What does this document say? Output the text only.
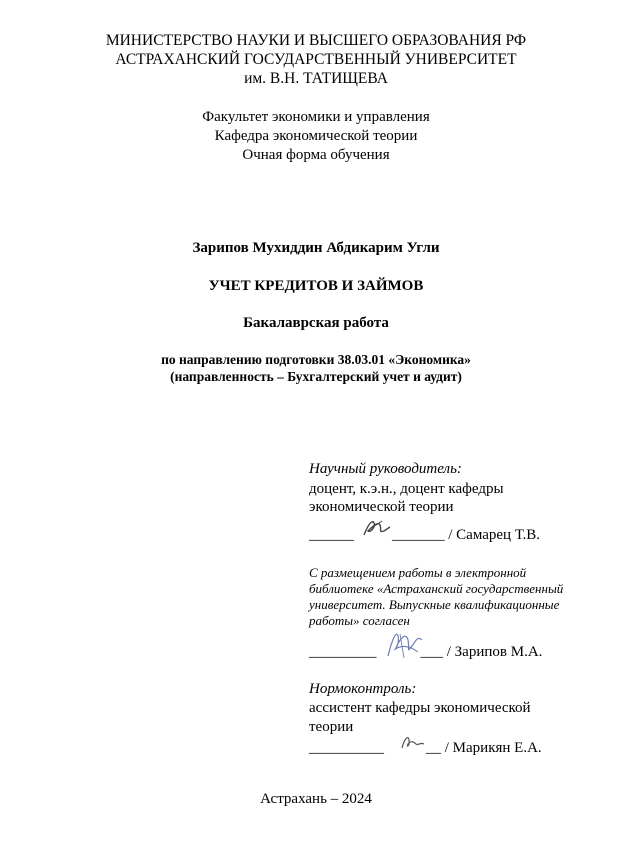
МИНИСТЕРСТВО НАУКИ И ВЫСШЕГО ОБРАЗОВАНИЯ РФ
АСТРАХАНСКИЙ ГОСУДАРСТВЕННЫЙ УНИВЕРСИТЕТ
им. В.Н. ТАТИЩЕВА
Факультет экономики и управления
Кафедра экономической теории
Очная форма обучения
Зарипов Мухиддин Абдикарим Угли
УЧЕТ КРЕДИТОВ И ЗАЙМОВ
Бакалаврская работа
по направлению подготовки 38.03.01 «Экономика»
(направленность – Бухгалтерский учет и аудит)
Научный руководитель:
доцент, к.э.н., доцент кафедры
экономической теории
______	_______ / Самарец Т.В.
С размещением работы в электронной
библиотеке «Астраханский государственный
университет. Выпускные квалификационные
работы» согласен
_________	___ / Зарипов М.А.
Нормоконтроль:
ассистент кафедры экономической
теории
__________	__ / Марикян Е.А.
Астрахань – 2024
